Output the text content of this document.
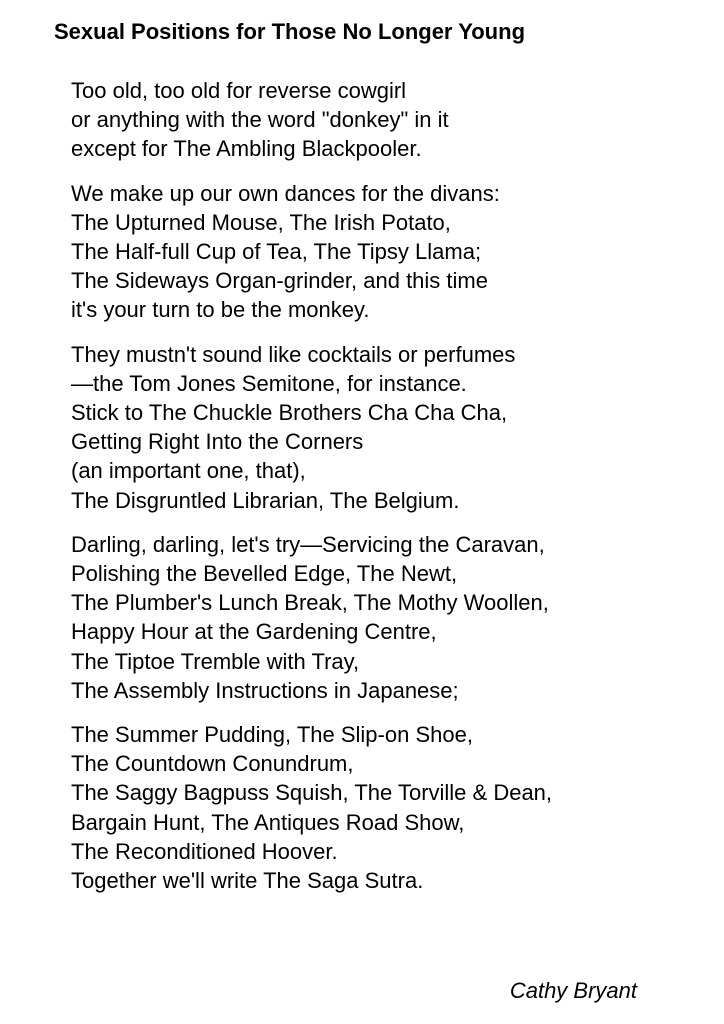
Sexual Positions for Those No Longer Young
Too old, too old for reverse cowgirl
or anything with the word "donkey" in it
except for The Ambling Blackpooler.
We make up our own dances for the divans:
The Upturned Mouse, The Irish Potato,
The Half-full Cup of Tea, The Tipsy Llama;
The Sideways Organ-grinder, and this time
it's your turn to be the monkey.
They mustn't sound like cocktails or perfumes
—the Tom Jones Semitone, for instance.
Stick to The Chuckle Brothers Cha Cha Cha,
Getting Right Into the Corners
(an important one, that),
The Disgruntled Librarian, The Belgium.
Darling, darling, let's try—Servicing the Caravan,
Polishing the Bevelled Edge, The Newt,
The Plumber's Lunch Break, The Mothy Woollen,
Happy Hour at the Gardening Centre,
The Tiptoe Tremble with Tray,
The Assembly Instructions in Japanese;
The Summer Pudding, The Slip-on Shoe,
The Countdown Conundrum,
The Saggy Bagpuss Squish, The Torville & Dean,
Bargain Hunt, The Antiques Road Show,
The Reconditioned Hoover.
Together we'll write The Saga Sutra.
Cathy Bryant
